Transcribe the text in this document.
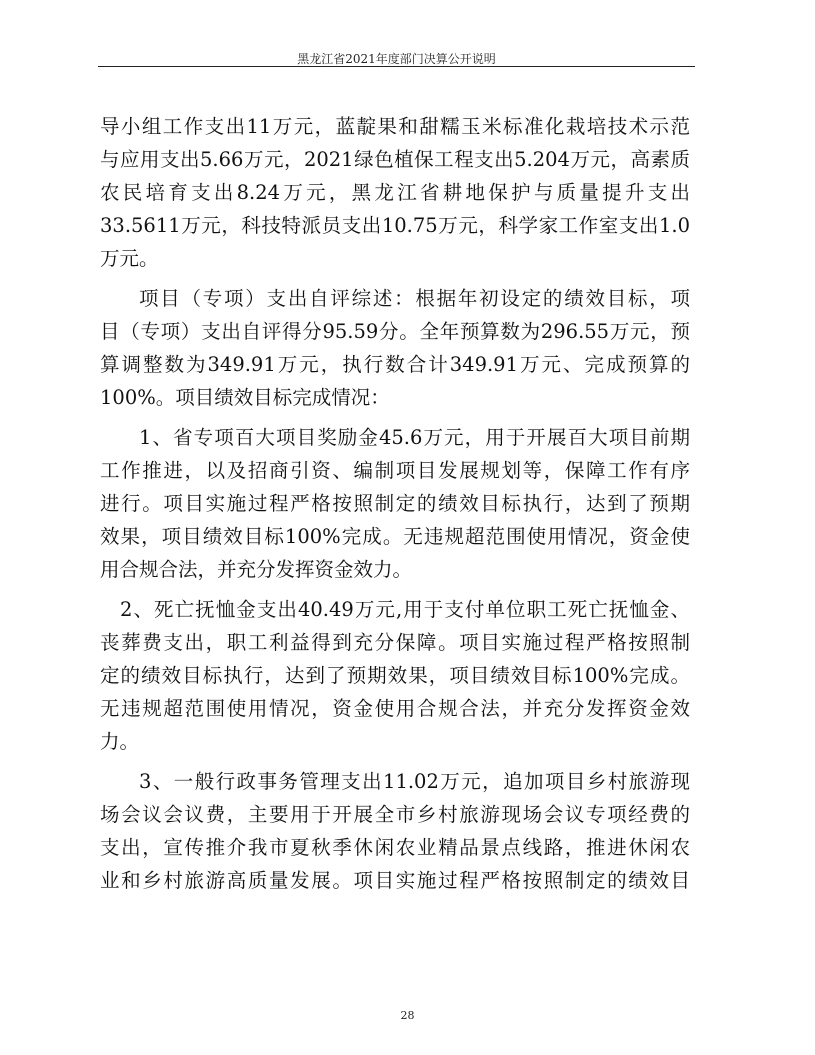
黑龙江省2021年度部门决算公开说明
导小组工作支出11万元，蓝靛果和甜糯玉米标准化栽培技术示范
与应用支出5.66万元，2021绿色植保工程支出5.204万元，高素质
农民培育支出8.24万元，黑龙江省耕地保护与质量提升支出
33.5611万元，科技特派员支出10.75万元，科学家工作室支出1.0
万元。
项目（专项）支出自评综述：根据年初设定的绩效目标，项
目（专项）支出自评得分95.59分。全年预算数为296.55万元，预
算调整数为349.91万元，执行数合计349.91万元、完成预算的
100%。项目绩效目标完成情况：
1、省专项百大项目奖励金45.6万元，用于开展百大项目前期
工作推进，以及招商引资、编制项目发展规划等，保障工作有序
进行。项目实施过程严格按照制定的绩效目标执行，达到了预期
效果，项目绩效目标100%完成。无违规超范围使用情况，资金使
用合规合法，并充分发挥资金效力。
2、死亡抚恤金支出40.49万元,用于支付单位职工死亡抚恤金、
丧葬费支出，职工利益得到充分保障。项目实施过程严格按照制
定的绩效目标执行，达到了预期效果，项目绩效目标100%完成。
无违规超范围使用情况，资金使用合规合法，并充分发挥资金效
力。
3、一般行政事务管理支出11.02万元，追加项目乡村旅游现
场会议会议费，主要用于开展全市乡村旅游现场会议专项经费的
支出，宣传推介我市夏秋季休闲农业精品景点线路，推进休闲农
业和乡村旅游高质量发展。项目实施过程严格按照制定的绩效目
28
